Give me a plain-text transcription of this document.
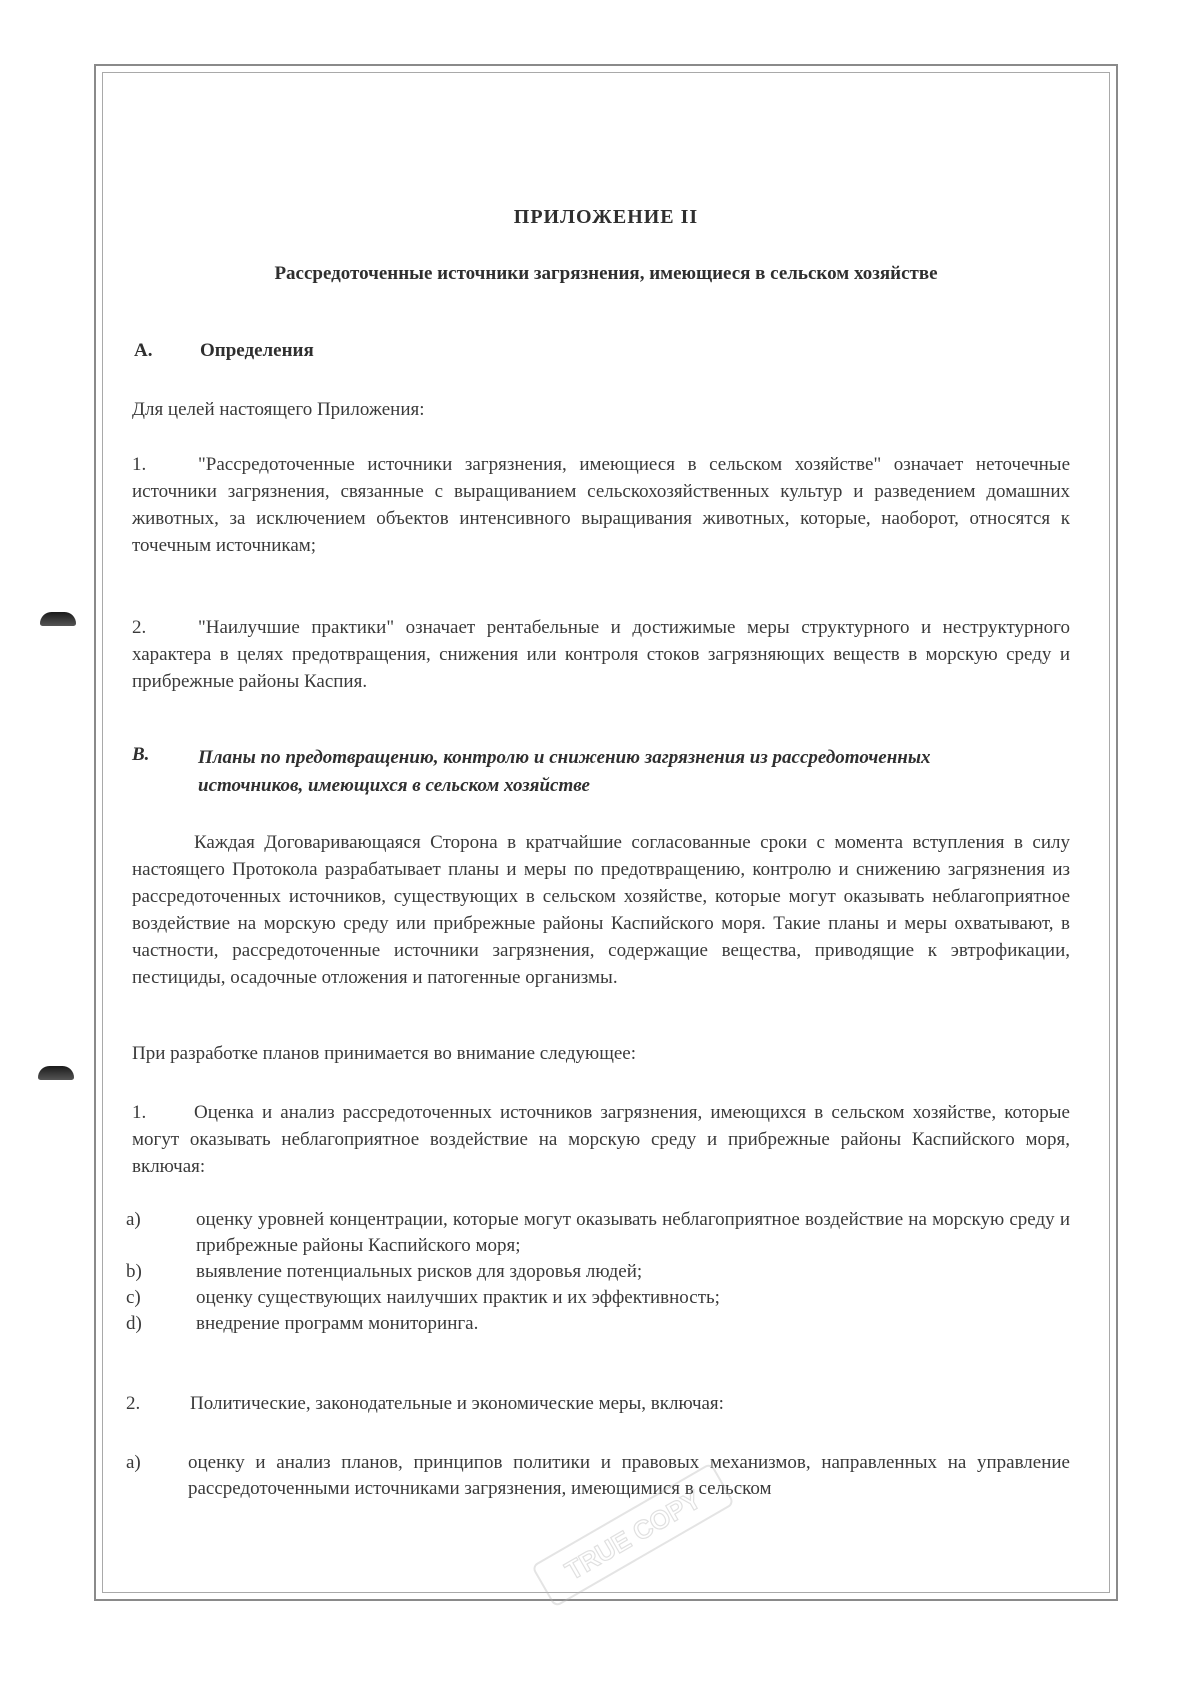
ПРИЛОЖЕНИЕ II

Рассредоточенные источники загрязнения, имеющиеся в сельском хозяйстве

A.	Определения

Для целей настоящего Приложения:

1.	"Рассредоточенные источники загрязнения, имеющиеся в сельском хозяйстве" означает неточечные источники загрязнения, связанные с выращиванием сельскохозяйственных культур и разведением домашних животных, за исключением объектов интенсивного выращивания животных, которые, наоборот, относятся к точечным источникам;

2.	"Наилучшие практики" означает рентабельные и достижимые меры структурного и неструктурного характера в целях предотвращения, снижения или контроля стоков загрязняющих веществ в морскую среду и прибрежные районы Каспия.

B.	Планы по предотвращению, контролю и снижению загрязнения из рассредоточенных источников, имеющихся в сельском хозяйстве

Каждая Договаривающаяся Сторона в кратчайшие согласованные сроки с момента вступления в силу настоящего Протокола разрабатывает планы и меры по предотвращению, контролю и снижению загрязнения из рассредоточенных источников, существующих в сельском хозяйстве, которые могут оказывать неблагоприятное воздействие на морскую среду или прибрежные районы Каспийского моря. Такие планы и меры охватывают, в частности, рассредоточенные источники загрязнения, содержащие вещества, приводящие к эвтрофикации, пестициды, осадочные отложения и патогенные организмы.

При разработке планов принимается во внимание следующее:

1.	Оценка и анализ рассредоточенных источников загрязнения, имеющихся в сельском хозяйстве, которые могут оказывать неблагоприятное воздействие на морскую среду и прибрежные районы Каспийского моря, включая:

a)	оценку уровней концентрации, которые могут оказывать неблагоприятное воздействие на морскую среду и прибрежные районы Каспийского моря;

b)	выявление потенциальных рисков для здоровья людей;

c)	оценку существующих наилучших практик и их эффективность;

d)	внедрение программ мониторинга.

2.	Политические, законодательные и экономические меры, включая:

a) оценку и анализ планов, принципов политики и правовых механизмов, направленных на управление рассредоточенными источниками загрязнения, имеющимися в сельском

TRUE COPY
